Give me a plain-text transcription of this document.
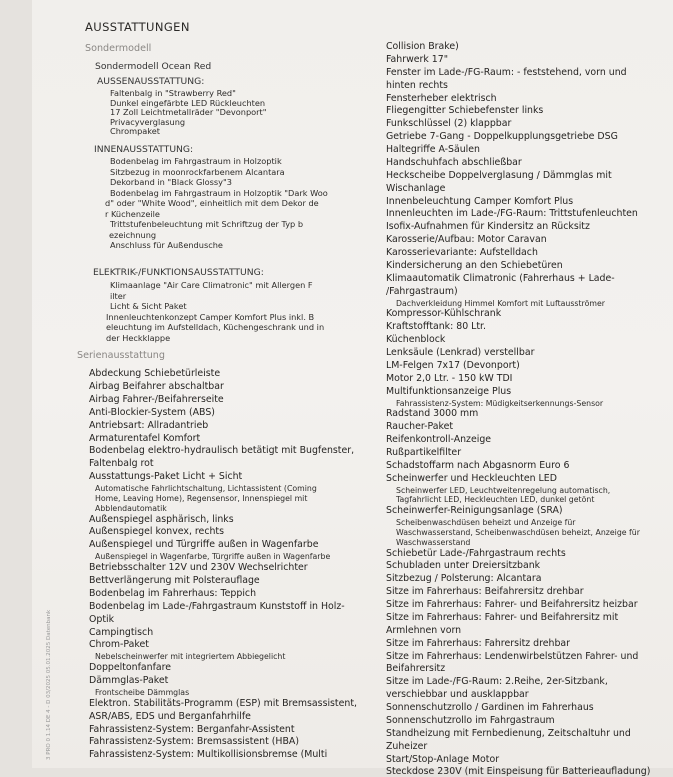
3 PRO 0 1.14 DE 4 - D 03/2025 05.01.2025 Datenbank
AUSSTATTUNGEN
Sondermodell
Sondermodell Ocean Red
AUSSENAUSSTATTUNG:
INNENAUSSTATTUNG:
ELEKTRIK-/FUNKTIONSAUSSTATTUNG:
Serienausstattung
Faltenbalg in "Strawberry Red"
Dunkel eingefärbte LED Rückleuchten
17 Zoll Leichtmetallräder "Devonport"
Privacyverglasung
Chrompaket
Bodenbelag im Fahrgastraum in Holzoptik
Sitzbezug in moonrockfarbenem Alcantara
Dekorband in "Black Glossy"3
Bodenbelag im Fahrgastraum in Holzoptik "Dark Woo
d" oder "White Wood", einheitlich mit dem Dekor de
r Küchenzeile
Trittstufenbeleuchtung mit Schriftzug der Typ b
ezeichnung
Anschluss für Außendusche
Klimaanlage "Air Care Climatronic" mit Allergen F
ilter
Licht & Sicht Paket
Innenleuchtenkonzept Camper Komfort Plus inkl. B
eleuchtung im Aufstelldach, Küchengeschrank und in
der Heckklappe
Abdeckung Schiebetürleiste
Airbag Beifahrer abschaltbar
Airbag Fahrer-/Beifahrerseite
Anti-Blockier-System (ABS)
Antriebsart: Allradantrieb
Armaturentafel Komfort
Bodenbelag elektro-hydraulisch betätigt mit Bugfenster,
Faltenbalg rot
Ausstattungs-Paket Licht + Sicht
Automatische Fahrlichtschaltung, Lichtassistent (Coming
Home, Leaving Home), Regensensor, Innenspiegel mit
Abblendautomatik
Außenspiegel asphärisch, links
Außenspiegel konvex, rechts
Außenspiegel und Türgriffe außen in Wagenfarbe
Außenspiegel in Wagenfarbe, Türgriffe außen in Wagenfarbe
Betriebsschalter 12V und 230V Wechselrichter
Bettverlängerung mit Polsterauflage
Bodenbelag im Fahrerhaus: Teppich
Bodenbelag im Lade-/Fahrgastraum Kunststoff in Holz-
Optik
Campingtisch
Chrom-Paket
Nebelscheinwerfer mit integriertem Abbiegelicht
Doppeltonfanfare
Dämmglas-Paket
Frontscheibe Dämmglas
Elektron. Stabilitäts-Programm (ESP) mit Bremsassistent,
ASR/ABS, EDS und Berganfahrhilfe
Fahrassistenz-System: Berganfahr-Assistent
Fahrassistenz-System: Bremsassistent (HBA)
Fahrassistenz-System: Multikollisionsbremse (Multi
Collision Brake)
Fahrwerk 17"
Fenster im Lade-/FG-Raum: - feststehend, vorn und
hinten rechts
Fensterheber elektrisch
Fliegengitter Schiebefenster links
Funkschlüssel (2) klappbar
Getriebe 7-Gang - Doppelkupplungsgetriebe DSG
Haltegriffe A-Säulen
Handschuhfach abschließbar
Heckscheibe Doppelverglasung / Dämmglas mit
Wischanlage
Innenbeleuchtung Camper Komfort Plus
Innenleuchten im Lade-/FG-Raum: Trittstufenleuchten
Isofix-Aufnahmen für Kindersitz an Rücksitz
Karosserie/Aufbau: Motor Caravan
Karosserievariante: Aufstelldach
Kindersicherung an den Schiebetüren
Klimaautomatik Climatronic (Fahrerhaus + Lade-
/Fahrgastraum)
Dachverkleidung Himmel Komfort mit Luftausströmer
Kompressor-Kühlschrank
Kraftstofftank: 80 Ltr.
Küchenblock
Lenksäule (Lenkrad) verstellbar
LM-Felgen 7x17 (Devonport)
Motor 2,0 Ltr. - 150 kW TDI
Multifunktionsanzeige Plus
Fahrassistenz-System: Müdigkeitserkennungs-Sensor
Radstand 3000 mm
Raucher-Paket
Reifenkontroll-Anzeige
Rußpartikelfilter
Schadstoffarm nach Abgasnorm Euro 6
Scheinwerfer und Heckleuchten LED
Scheinwerfer LED, Leuchtweitenregelung automatisch,
Tagfahrlicht LED, Heckleuchten LED, dunkel getönt
Scheinwerfer-Reinigungsanlage (SRA)
Scheibenwaschdüsen beheizt und Anzeige für
Waschwasserstand, Scheibenwaschdüsen beheizt, Anzeige für
Waschwasserstand
Schiebetür Lade-/Fahrgastraum rechts
Schubladen unter Dreiersitzbank
Sitzbezug / Polsterung: Alcantara
Sitze im Fahrerhaus: Beifahrersitz drehbar
Sitze im Fahrerhaus: Fahrer- und Beifahrersitz heizbar
Sitze im Fahrerhaus: Fahrer- und Beifahrersitz mit
Armlehnen vorn
Sitze im Fahrerhaus: Fahrersitz drehbar
Sitze im Fahrerhaus: Lendenwirbelstützen Fahrer- und
Beifahrersitz
Sitze im Lade-/FG-Raum: 2.Reihe, 2er-Sitzbank,
verschiebbar und ausklappbar
Sonnenschutzrollo / Gardinen im Fahrerhaus
Sonnenschutzrollo im Fahrgastraum
Standheizung mit Fernbedienung, Zeitschaltuhr und
Zuheizer
Start/Stop-Anlage Motor
Steckdose 230V (mit Einspeisung für Batterieaufladung)
